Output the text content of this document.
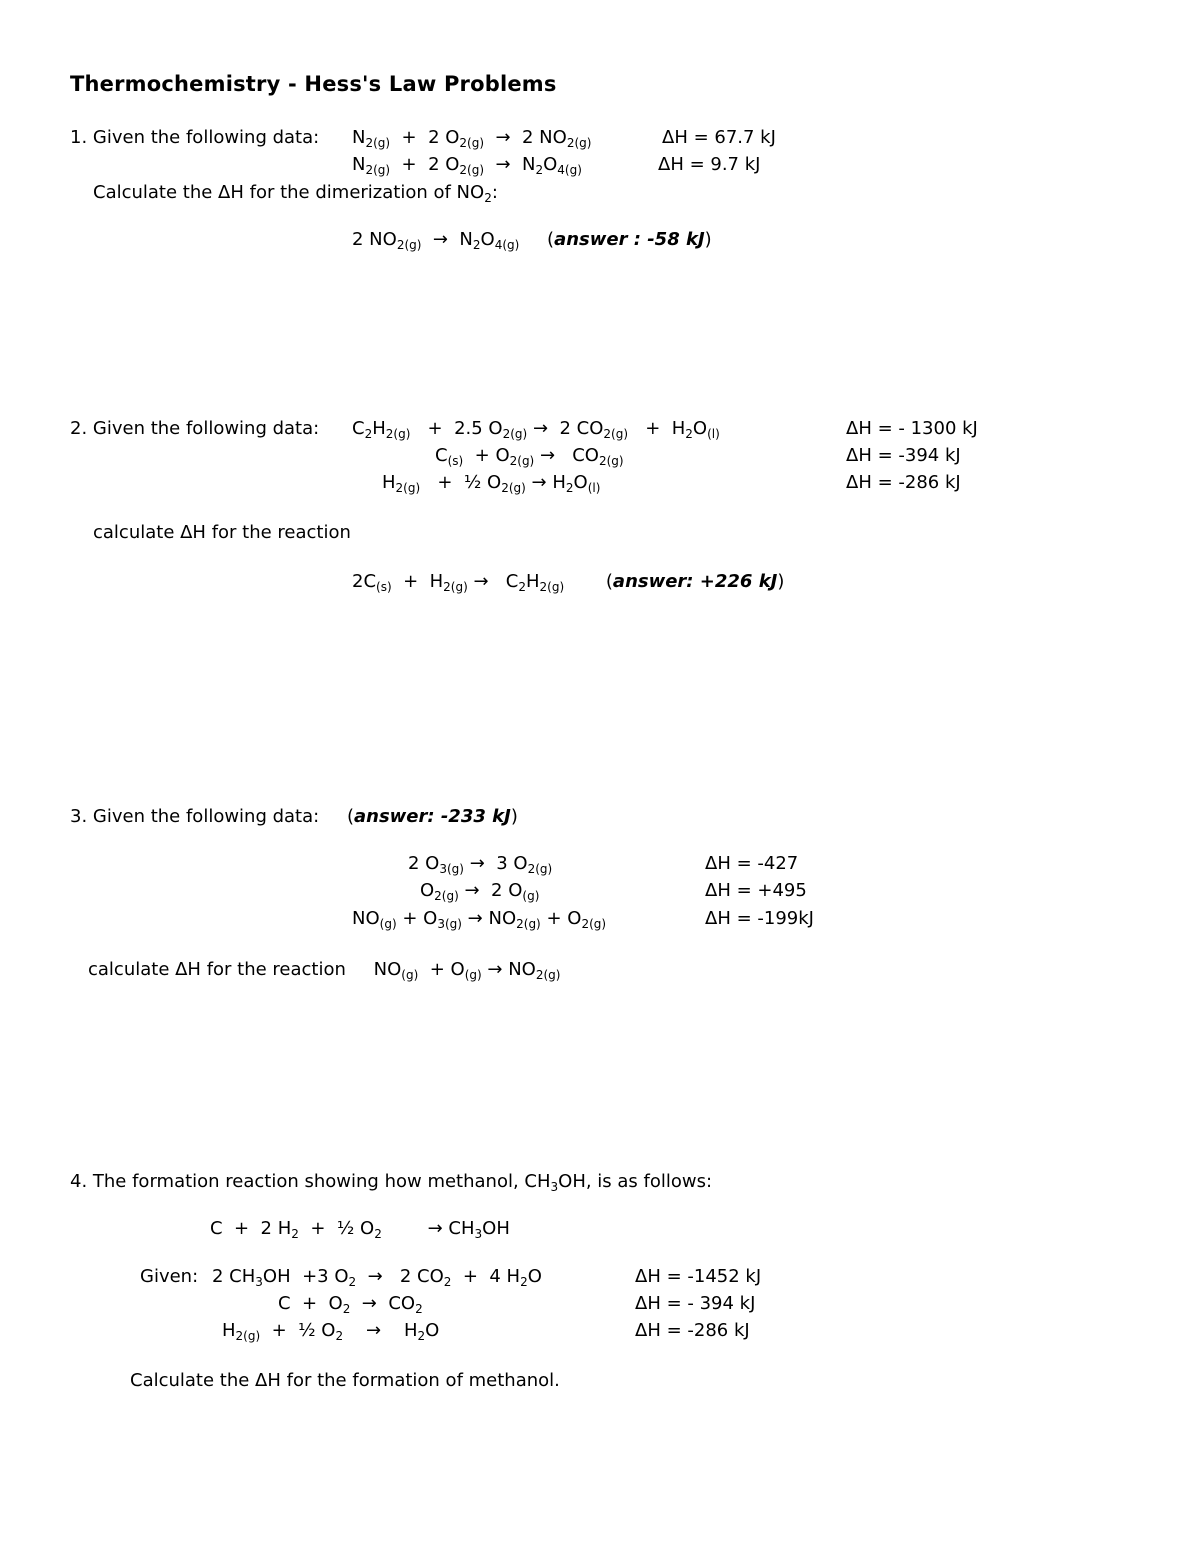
Thermochemistry - Hess's Law Problems
1. Given the following data: $N_{2(g)} + 2$ $O_{2(g)} \to 2$ $NO_{2(g)}$	ΔH = 67.7 kJ
$N_{2(g)} + 2$ $O_{2(g)} \to N_2O_{4(g)}$	ΔH = 9.7 kJ
Calculate the ΔH for the dimerization of $NO_2$:
2 $NO_{2(g)} \to N_2O_{4(g)}$ (answer : -58 kJ)
2. Given the following data: $C_2H_{2(g)} + 2.5$ $O_{2(g)} \to 2$ $CO_{2(g)} + H_2O_{(l)}$	ΔH = - 1300 kJ
$C_{(s)} + O_{2(g)} \to CO_{2(g)}$	ΔH = -394 kJ
$H_{2(g)}$   +  ½ $O_{2(g)} \to H_2O_{(l)}$	ΔH = -286 kJ
calculate ΔH for the reaction
$2C_{(s)} + H_{2(g)} \to C_2H_{2(g)}$ (answer: +226 kJ)
3. Given the following data: (answer: -233 kJ)
2 $O_{3(g)} \to 3$ $O_{2(g)}$	ΔH = -427
$O_{2(g)} \to 2$ $O_{(g)}$	ΔH = +495
$NO_{(g)} + O_{3(g)} \to NO_{2(g)} + O_{2(g)}$	ΔH = -199kJ
calculate ΔH for the reaction $NO_{(g)} + O_{(g)} \to NO_{2(g)}$
4. The formation reaction showing how methanol, $CH_3OH$, is as follows:
C  +  2 $H_2$  +  ½ $O_2$        → $CH_3OH$
Given: 2 $CH_3OH +3$ $O_2 \to 2$ $CO_2 + 4$ $H_2O$	ΔH = -1452 kJ
$C + O_2 \to CO_2$	ΔH = - 394 kJ
$H_{2(g)}$  +  ½ $O_2$    →    $H_2O$	ΔH = -286 kJ
Calculate the ΔH for the formation of methanol.
